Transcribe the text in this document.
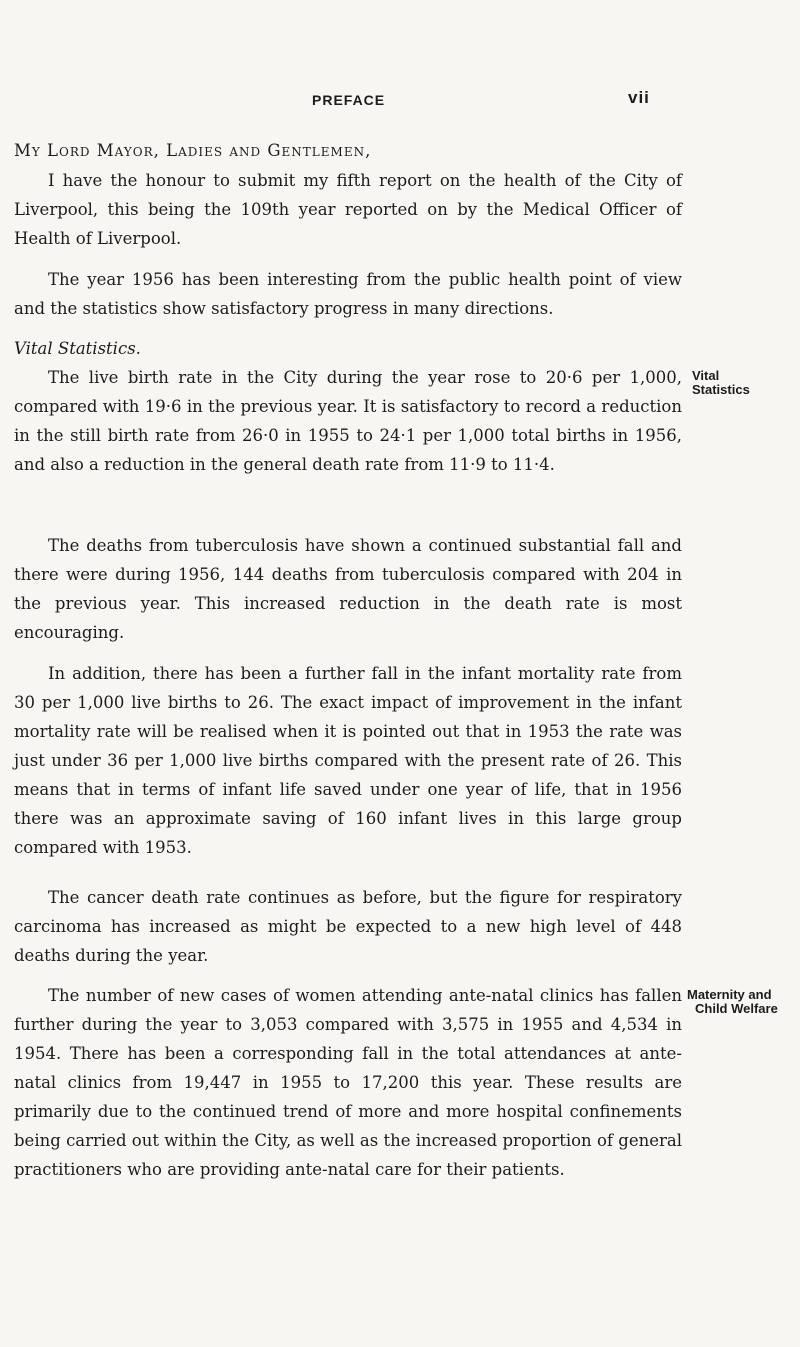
PREFACE	vii

My Lord Mayor, Ladies and Gentlemen,

I have the honour to submit my fifth report on the health of the City of Liverpool, this being the 109th year reported on by the Medical Officer of Health of Liverpool.

The year 1956 has been interesting from the public health point of view and the statistics show satisfactory progress in many directions.

Vital Statistics.

The live birth rate in the City during the year rose to 20·6 per 1,000, compared with 19·6 in the previous year. It is satisfactory to record a reduction in the still birth rate from 26·0 in 1955 to 24·1 per 1,000 total births in 1956, and also a reduction in the general death rate from 11·9 to 11·4.

Vital
Statistics

The deaths from tuberculosis have shown a continued substantial fall and there were during 1956, 144 deaths from tuberculosis compared with 204 in the previous year. This increased reduction in the death rate is most encouraging.

In addition, there has been a further fall in the infant mortality rate from 30 per 1,000 live births to 26. The exact impact of improvement in the infant mortality rate will be realised when it is pointed out that in 1953 the rate was just under 36 per 1,000 live births compared with the present rate of 26. This means that in terms of infant life saved under one year of life, that in 1956 there was an approximate saving of 160 infant lives in this large group compared with 1953.

The cancer death rate continues as before, but the figure for respiratory carcinoma has increased as might be expected to a new high level of 448 deaths during the year.

The number of new cases of women attending ante-natal clinics has fallen further during the year to 3,053 compared with 3,575 in 1955 and 4,534 in 1954. There has been a corresponding fall in the total attendances at ante-natal clinics from 19,447 in 1955 to 17,200 this year. These results are primarily due to the continued trend of more and more hospital confinements being carried out within the City, as well as the increased proportion of general practitioners who are providing ante-natal care for their patients.

Maternity and
Child Welfare
